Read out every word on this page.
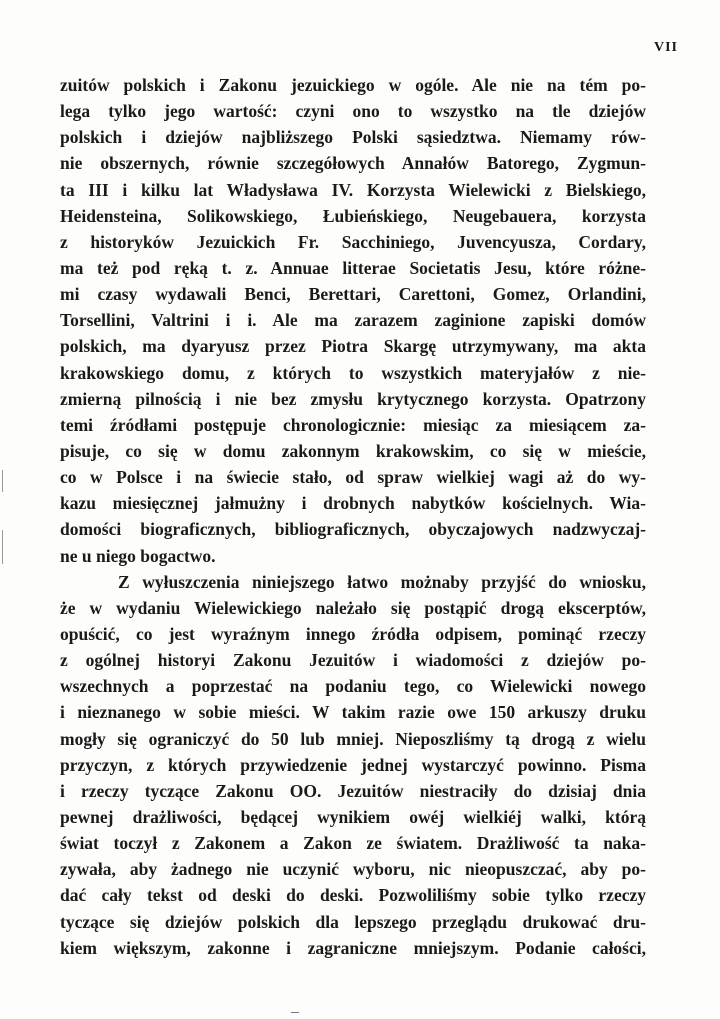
VII
zuitów polskich i Zakonu jezuickiego w ogóle. Ale nie na tém po-
lega tylko jego wartość: czyni ono to wszystko na tle dziejów
polskich i dziejów najbliższego Polski sąsiedztwa. Niemamy rów-
nie obszernych, równie szczegółowych Annałów Batorego, Zygmun-
ta III i kilku lat Władysława IV. Korzysta Wielewicki z Bielskiego,
Heidensteina, Solikowskiego, Łubieńskiego, Neugebauera, korzysta
z historyków Jezuickich Fr. Sacchiniego, Juvencyusza, Cordary,
ma też pod ręką t. z. Annuae litterae Societatis Jesu, które różne-
mi czasy wydawali Benci, Berettari, Carettoni, Gomez, Orlandini,
Torsellini, Valtrini i i. Ale ma zarazem zaginione zapiski domów
polskich, ma dyaryusz przez Piotra Skargę utrzymywany, ma akta
krakowskiego domu, z których to wszystkich materyjałów z nie-
zmierną pilnością i nie bez zmysłu krytycznego korzysta. Opatrzony
temi źródłami postępuje chronologicznie: miesiąc za miesiącem za-
pisuje, co się w domu zakonnym krakowskim, co się w mieście,
co w Polsce i na świecie stało, od spraw wielkiej wagi aż do wy-
kazu miesięcznej jałmużny i drobnych nabytków kościelnych. Wia-
domości biograficznych, bibliograficznych, obyczajowych nadzwyczaj-
ne u niego bogactwo.
Z wyłuszczenia niniejszego łatwo możnaby przyjść do wniosku,
że w wydaniu Wielewickiego należało się postąpić drogą ekscerptów,
opuścić, co jest wyraźnym innego źródła odpisem, pominąć rzeczy
z ogólnej historyi Zakonu Jezuitów i wiadomości z dziejów po-
wszechnych a poprzestać na podaniu tego, co Wielewicki nowego
i nieznanego w sobie mieści. W takim razie owe 150 arkuszy druku
mogły się ograniczyć do 50 lub mniej. Nieposzliśmy tą drogą z wielu
przyczyn, z których przywiedzenie jednej wystarczyć powinno. Pisma
i rzeczy tyczące Zakonu OO. Jezuitów niestraciły do dzisiaj dnia
pewnej drażliwości, będącej wynikiem owéj wielkiéj walki, którą
świat toczył z Zakonem a Zakon ze światem. Drażliwość ta naka-
zywała, aby żadnego nie uczynić wyboru, nic nieopuszczać, aby po-
dać cały tekst od deski do deski. Pozwoliliśmy sobie tylko rzeczy
tyczące się dziejów polskich dla lepszego przeglądu drukować dru-
kiem większym, zakonne i zagraniczne mniejszym. Podanie całości,
